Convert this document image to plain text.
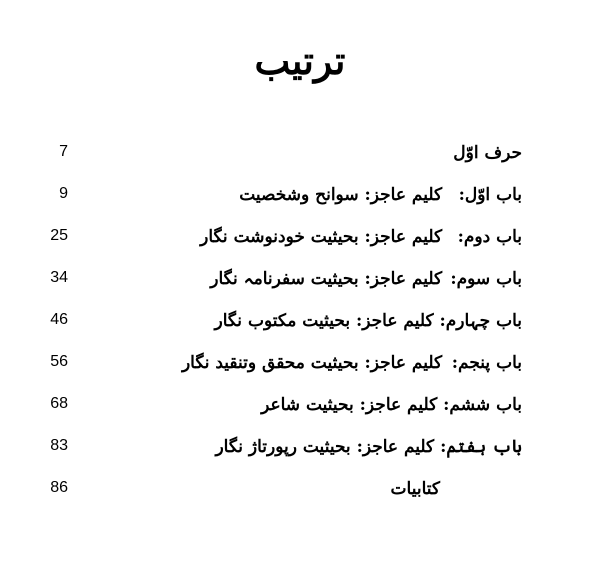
ترتیب
7	حرف اوّل
9	باب اوّل: کلیم عاجز: سوانح وشخصیت
25	باب دوم: کلیم عاجز: بحیثیت خودنوشت نگار
34	باب سوم: کلیم عاجز: بحیثیت سفرنامہ نگار
46	باب چہارم: کلیم عاجز: بحیثیت مکتوب نگار
56	باب پنجم: کلیم عاجز: بحیثیت محقق وتنقید نگار
68	باب ششم: کلیم عاجز: بحیثیت شاعر
83	باب ہفتم: کلیم عاجز: بحیثیت رپورتاژ نگار
86	کتابیات
